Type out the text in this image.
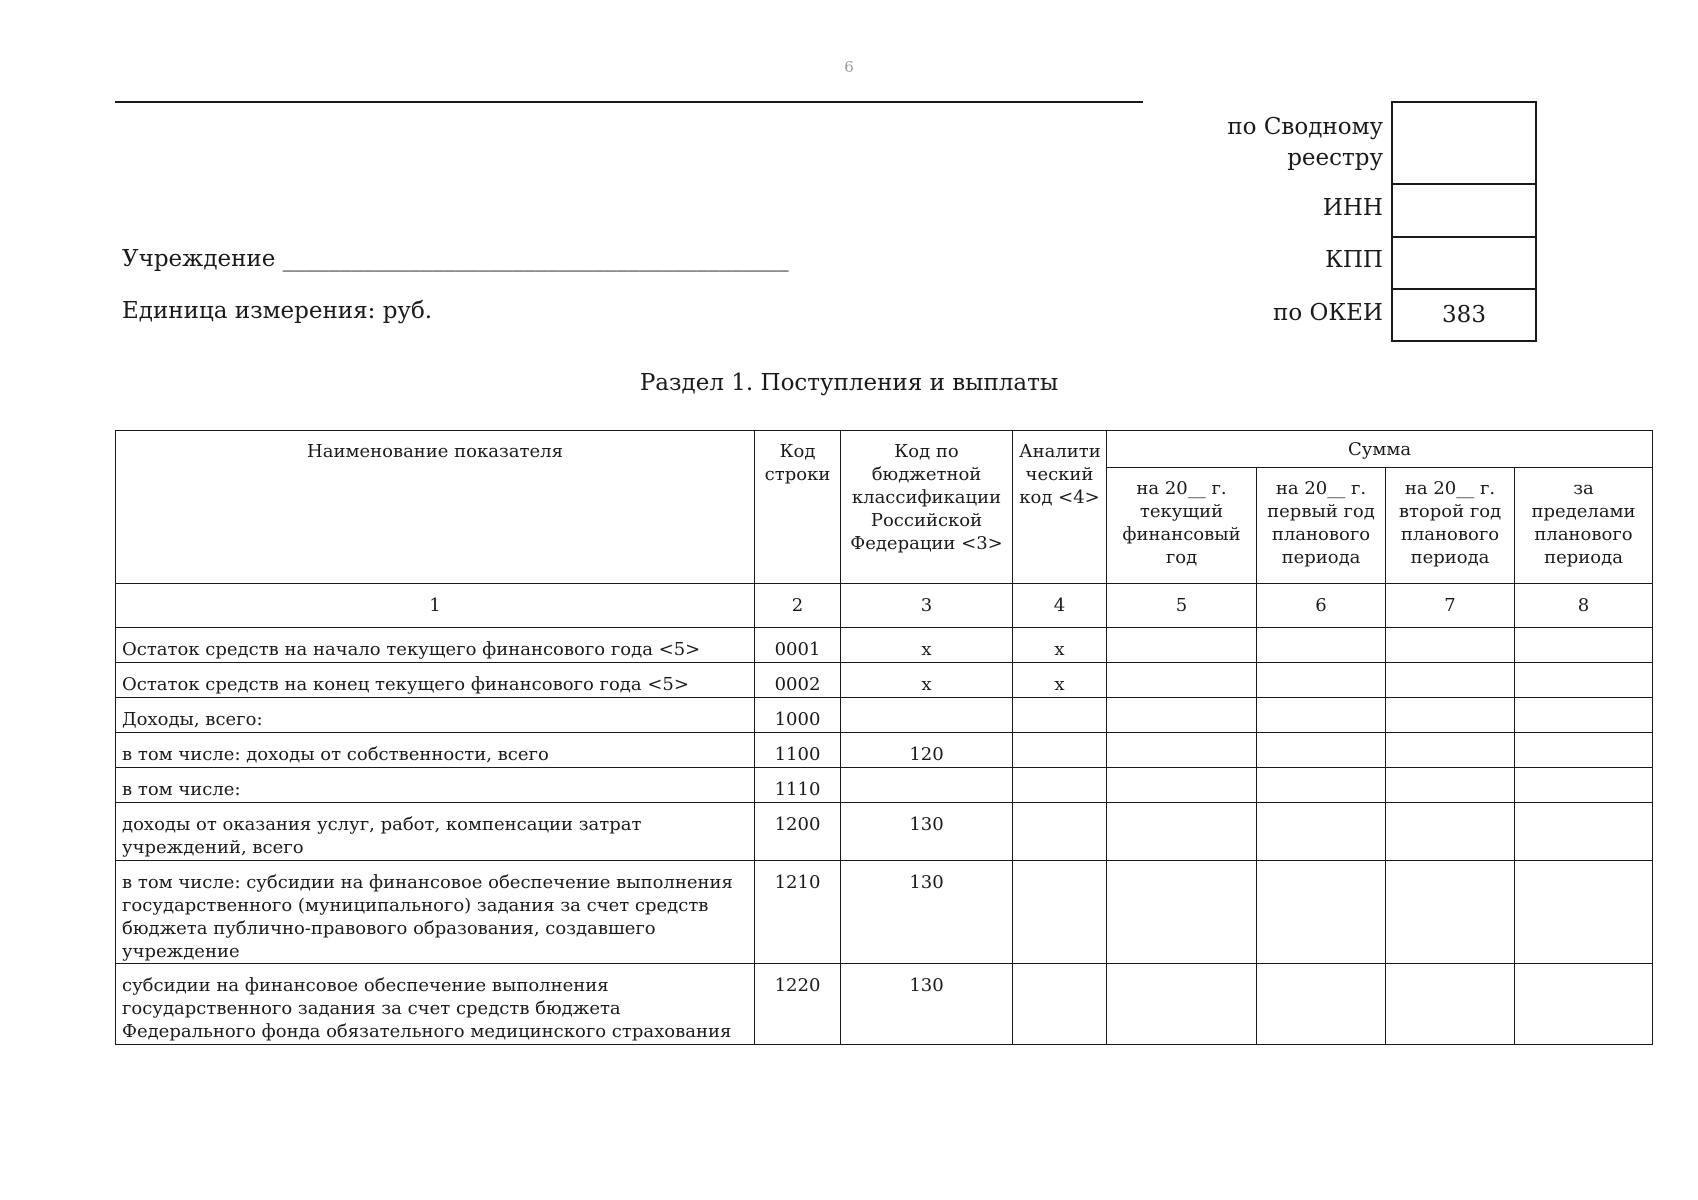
6
по Сводному реестру
ИНН
КПП
по ОКЕИ	383
Учреждение ____________________________________________
Единица измерения: руб.
Раздел 1. Поступления и выплаты
Наименование показателя	Код строки	Код по бюджетной классификации Российской Федерации <3>	Аналити ческий код <4>	Сумма			
				на 20__ г. текущий финансовый год	на 20__ г. первый год планового периода	на 20__ г. второй год планового периода	за пределами планового периода
1	2	3	4	5	6	7	8
Остаток средств на начало текущего финансового года <5>	0001	x	x				
Остаток средств на конец текущего финансового года <5>	0002	x	x				
Доходы, всего:	1000						
в том числе: доходы от собственности, всего	1100	120					
в том числе:	1110						
доходы от оказания услуг, работ, компенсации затрат учреждений, всего	1200	130					
в том числе: субсидии на финансовое обеспечение выполнения государственного (муниципального) задания за счет средств бюджета публично-правового образования, создавшего учреждение	1210	130					
субсидии на финансовое обеспечение выполнения государственного задания за счет средств бюджета Федерального фонда обязательного медицинского страхования	1220	130					
